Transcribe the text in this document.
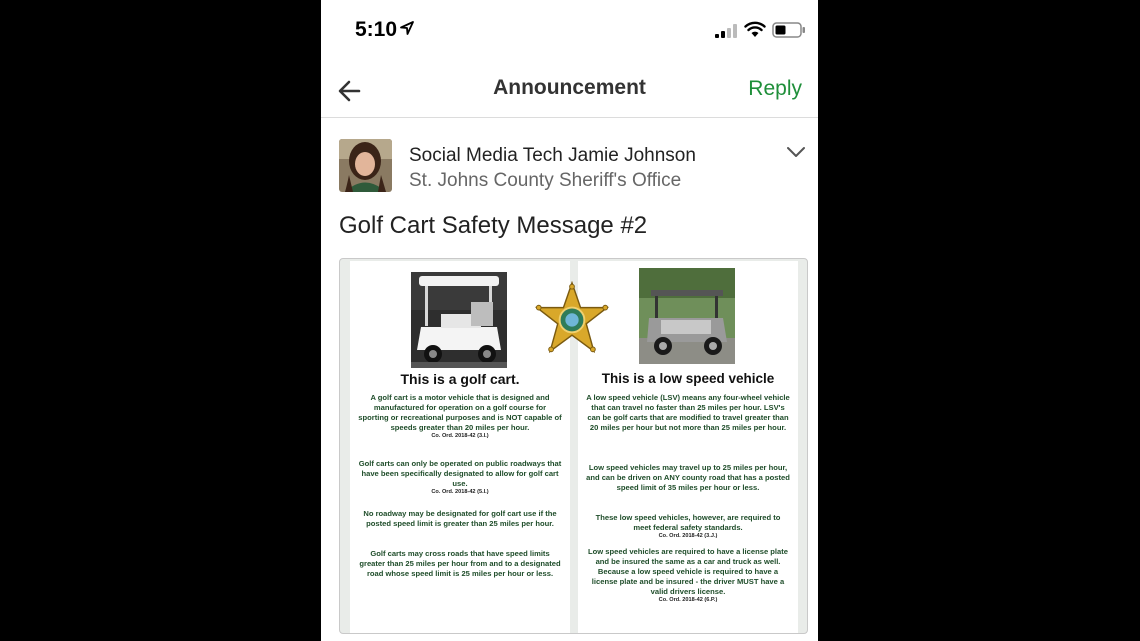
5:10
Announcement	Reply
Social Media Tech Jamie Johnson
St. Johns County Sheriff's Office
Golf Cart Safety Message #2
This is a golf cart.
A golf cart is a motor vehicle that is designed and manufactured for operation on a golf course for sporting or recreational purposes and is NOT capable of speeds greater than 20 miles per hour.
Co. Ord. 2018-42 (3.I.)
Golf carts can only be operated on public roadways that have been specifically designated to allow for golf cart use.
Co. Ord. 2018-42 (5.I.)
No roadway may be designated for golf cart use if the posted speed limit is greater than 25 miles per hour.
Golf carts may cross roads that have speed limits greater than 25 miles per hour from and to a designated road whose speed limit is 25 miles per hour or less.
This is a low speed vehicle
A low speed vehicle (LSV) means any four-wheel vehicle that can travel no faster than 25 miles per hour. LSV's can be golf carts that are modified to travel greater than 20 miles per hour but not more than 25 miles per hour.
Low speed vehicles may travel up to 25 miles per hour, and can be driven on ANY county road that has a posted speed limit of 35 miles per hour or less.
These low speed vehicles, however, are required to meet federal safety standards.
Co. Ord. 2018-42 (3.J.)
Low speed vehicles are required to have a license plate and be insured the same as a car and truck as well. Because a low speed vehicle is required to have a license plate and be insured - the driver MUST have a valid drivers license.
Co. Ord. 2018-42 (6.P.)
